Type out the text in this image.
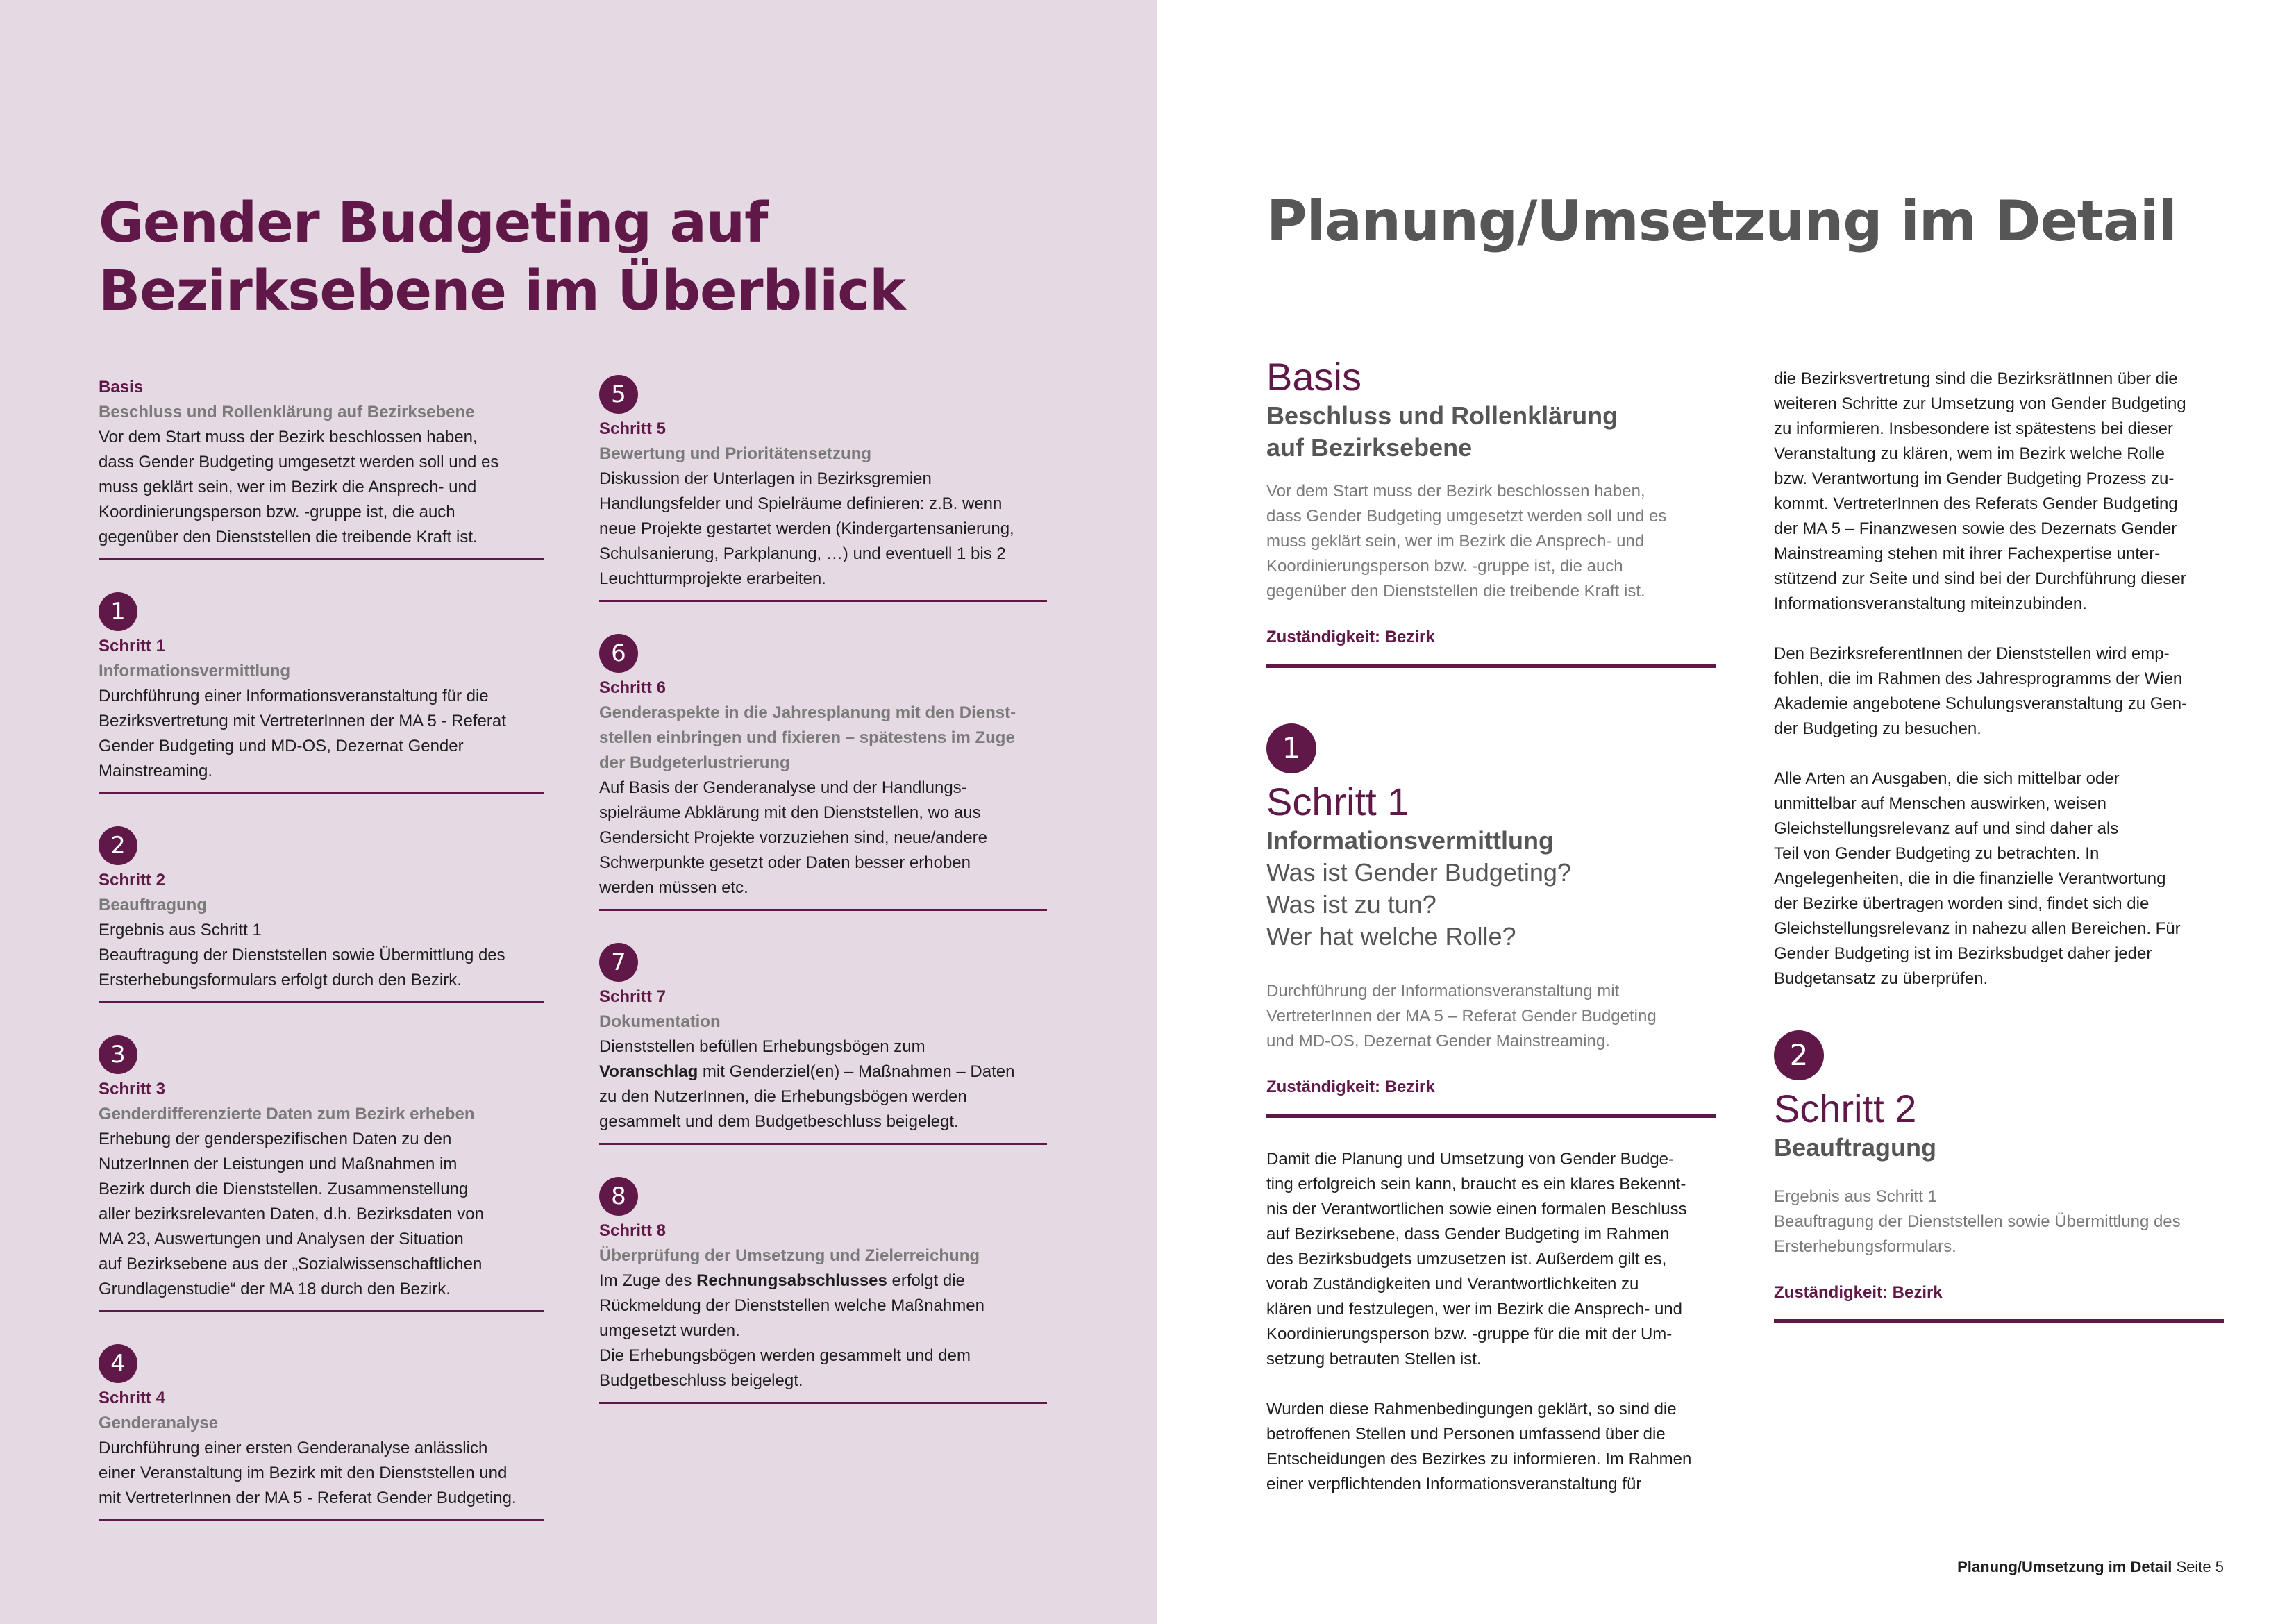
Gender Budgeting auf
Bezirksebene im Überblick
Planung/Umsetzung im Detail
Basis
Beschluss und Rollenklärung auf Bezirksebene
Vor dem Start muss der Bezirk beschlossen haben,
dass Gender Budgeting umgesetzt werden soll und es
muss geklärt sein, wer im Bezirk die Ansprech- und
Koordinierungsperson bzw. -gruppe ist, die auch
gegenüber den Dienststellen die treibende Kraft ist.
1
Schritt 1
Informationsvermittlung
Durchführung einer Informationsveranstaltung für die
Bezirksvertretung mit VertreterInnen der MA 5 - Referat
Gender Budgeting und MD-OS, Dezernat Gender
Mainstreaming.
2
Schritt 2
Beauftragung
Ergebnis aus Schritt 1
Beauftragung der Dienststellen sowie Übermittlung des
Ersterhebungsformulars erfolgt durch den Bezirk.
3
Schritt 3
Genderdifferenzierte Daten zum Bezirk erheben
Erhebung der genderspezifischen Daten zu den
NutzerInnen der Leistungen und Maßnahmen im
Bezirk durch die Dienststellen. Zusammenstellung
aller bezirksrelevanten Daten, d.h. Bezirksdaten von
MA 23, Auswertungen und Analysen der Situation
auf Bezirksebene aus der „Sozialwissenschaftlichen
Grundlagenstudie“ der MA 18 durch den Bezirk.
4
Schritt 4
Genderanalyse
Durchführung einer ersten Genderanalyse anlässlich
einer Veranstaltung im Bezirk mit den Dienststellen und
mit VertreterInnen der MA 5 - Referat Gender Budgeting.
5
Schritt 5
Bewertung und Prioritätensetzung
Diskussion der Unterlagen in Bezirksgremien
Handlungsfelder und Spielräume definieren: z.B. wenn
neue Projekte gestartet werden (Kindergartensanierung,
Schulsanierung, Parkplanung, …) und eventuell 1 bis 2
Leuchtturmprojekte erarbeiten.
6
Schritt 6
Genderaspekte in die Jahresplanung mit den Dienst-
stellen einbringen und fixieren – spätestens im Zuge
der Budgeterlustrierung
Auf Basis der Genderanalyse und der Handlungs-
spielräume Abklärung mit den Dienststellen, wo aus
Gendersicht Projekte vorzuziehen sind, neue/andere
Schwerpunkte gesetzt oder Daten besser erhoben
werden müssen etc.
7
Schritt 7
Dokumentation
Dienststellen befüllen Erhebungsbögen zum
Voranschlag mit Genderziel(en) – Maßnahmen – Daten
zu den NutzerInnen, die Erhebungsbögen werden
gesammelt und dem Budgetbeschluss beigelegt.
8
Schritt 8
Überprüfung der Umsetzung und Zielerreichung
Im Zuge des Rechnungsabschlusses erfolgt die
Rückmeldung der Dienststellen welche Maßnahmen
umgesetzt wurden.
Die Erhebungsbögen werden gesammelt und dem
Budgetbeschluss beigelegt.
Basis
Beschluss und Rollenklärung
auf Bezirksebene
Vor dem Start muss der Bezirk beschlossen haben,
dass Gender Budgeting umgesetzt werden soll und es
muss geklärt sein, wer im Bezirk die Ansprech- und
Koordinierungsperson bzw. -gruppe ist, die auch
gegenüber den Dienststellen die treibende Kraft ist.
Zuständigkeit: Bezirk
1
Schritt 1
Informationsvermittlung
Was ist Gender Budgeting?
Was ist zu tun?
Wer hat welche Rolle?
Durchführung der Informationsveranstaltung mit
VertreterInnen der MA 5 – Referat Gender Budgeting
und MD-OS, Dezernat Gender Mainstreaming.
Zuständigkeit: Bezirk
Damit die Planung und Umsetzung von Gender Budge-
ting erfolgreich sein kann, braucht es ein klares Bekennt-
nis der Verantwortlichen sowie einen formalen Beschluss
auf Bezirksebene, dass Gender Budgeting im Rahmen
des Bezirksbudgets umzusetzen ist. Außerdem gilt es,
vorab Zuständigkeiten und Verantwortlichkeiten zu
klären und festzulegen, wer im Bezirk die Ansprech- und
Koordinierungsperson bzw. -gruppe für die mit der Um-
setzung betrauten Stellen ist.
Wurden diese Rahmenbedingungen geklärt, so sind die
betroffenen Stellen und Personen umfassend über die
Entscheidungen des Bezirkes zu informieren. Im Rahmen
einer verpflichtenden Informationsveranstaltung für
die Bezirksvertretung sind die BezirksrätInnen über die
weiteren Schritte zur Umsetzung von Gender Budgeting
zu informieren. Insbesondere ist spätestens bei dieser
Veranstaltung zu klären, wem im Bezirk welche Rolle
bzw. Verantwortung im Gender Budgeting Prozess zu-
kommt. VertreterInnen des Referats Gender Budgeting
der MA 5 – Finanzwesen sowie des Dezernats Gender
Mainstreaming stehen mit ihrer Fachexpertise unter-
stützend zur Seite und sind bei der Durchführung dieser
Informationsveranstaltung miteinzubinden.
Den BezirksreferentInnen der Dienststellen wird emp-
fohlen, die im Rahmen des Jahresprogramms der Wien
Akademie angebotene Schulungsveranstaltung zu Gen-
der Budgeting zu besuchen.
Alle Arten an Ausgaben, die sich mittelbar oder
unmittelbar auf Menschen auswirken, weisen
Gleichstellungsrelevanz auf und sind daher als
Teil von Gender Budgeting zu betrachten. In
Angelegenheiten, die in die finanzielle Verantwortung
der Bezirke übertragen worden sind, findet sich die
Gleichstellungsrelevanz in nahezu allen Bereichen. Für
Gender Budgeting ist im Bezirksbudget daher jeder
Budgetansatz zu überprüfen.
2
Schritt 2
Beauftragung
Ergebnis aus Schritt 1
Beauftragung der Dienststellen sowie Übermittlung des
Ersterhebungsformulars.
Zuständigkeit: Bezirk
Planung/Umsetzung im Detail Seite 5
